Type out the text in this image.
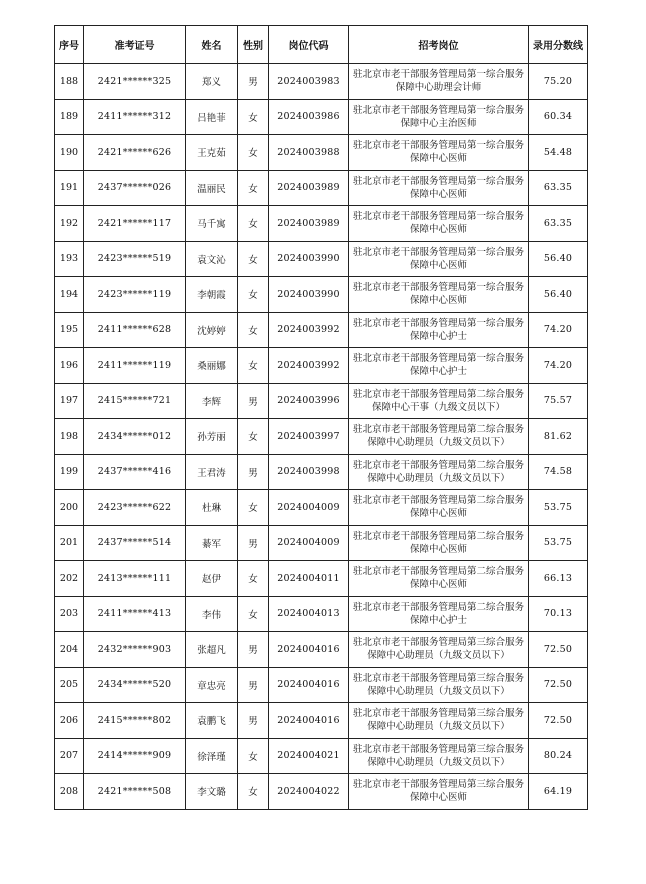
序号	准考证号	姓名	性别	岗位代码	招考岗位	录用分数线
188	2421******325	郑义	男	2024003983	驻北京市老干部服务管理局第一综合服务保障中心助理会计师	75.20
189	2411******312	吕艳菲	女	2024003986	驻北京市老干部服务管理局第一综合服务保障中心主治医师	60.34
190	2421******626	王克茹	女	2024003988	驻北京市老干部服务管理局第一综合服务保障中心医师	54.48
191	2437******026	温丽民	女	2024003989	驻北京市老干部服务管理局第一综合服务保障中心医师	63.35
192	2421******117	马千寓	女	2024003989	驻北京市老干部服务管理局第一综合服务保障中心医师	63.35
193	2423******519	袁文沁	女	2024003990	驻北京市老干部服务管理局第一综合服务保障中心医师	56.40
194	2423******119	李朝霞	女	2024003990	驻北京市老干部服务管理局第一综合服务保障中心医师	56.40
195	2411******628	沈婷婷	女	2024003992	驻北京市老干部服务管理局第一综合服务保障中心护士	74.20
196	2411******119	桑丽娜	女	2024003992	驻北京市老干部服务管理局第一综合服务保障中心护士	74.20
197	2415******721	李辉	男	2024003996	驻北京市老干部服务管理局第二综合服务保障中心干事（九级文员以下）	75.57
198	2434******012	孙芳丽	女	2024003997	驻北京市老干部服务管理局第二综合服务保障中心助理员（九级文员以下）	81.62
199	2437******416	王君涛	男	2024003998	驻北京市老干部服务管理局第二综合服务保障中心助理员（九级文员以下）	74.58
200	2423******622	杜琳	女	2024004009	驻北京市老干部服务管理局第二综合服务保障中心医师	53.75
201	2437******514	綦军	男	2024004009	驻北京市老干部服务管理局第二综合服务保障中心医师	53.75
202	2413******111	赵伊	女	2024004011	驻北京市老干部服务管理局第二综合服务保障中心医师	66.13
203	2411******413	李伟	女	2024004013	驻北京市老干部服务管理局第二综合服务保障中心护士	70.13
204	2432******903	张超凡	男	2024004016	驻北京市老干部服务管理局第三综合服务保障中心助理员（九级文员以下）	72.50
205	2434******520	章忠亮	男	2024004016	驻北京市老干部服务管理局第三综合服务保障中心助理员（九级文员以下）	72.50
206	2415******802	袁鹏飞	男	2024004016	驻北京市老干部服务管理局第三综合服务保障中心助理员（九级文员以下）	72.50
207	2414******909	徐泽瑾	女	2024004021	驻北京市老干部服务管理局第三综合服务保障中心助理员（九级文员以下）	80.24
208	2421******508	李文璐	女	2024004022	驻北京市老干部服务管理局第三综合服务保障中心医师	64.19
